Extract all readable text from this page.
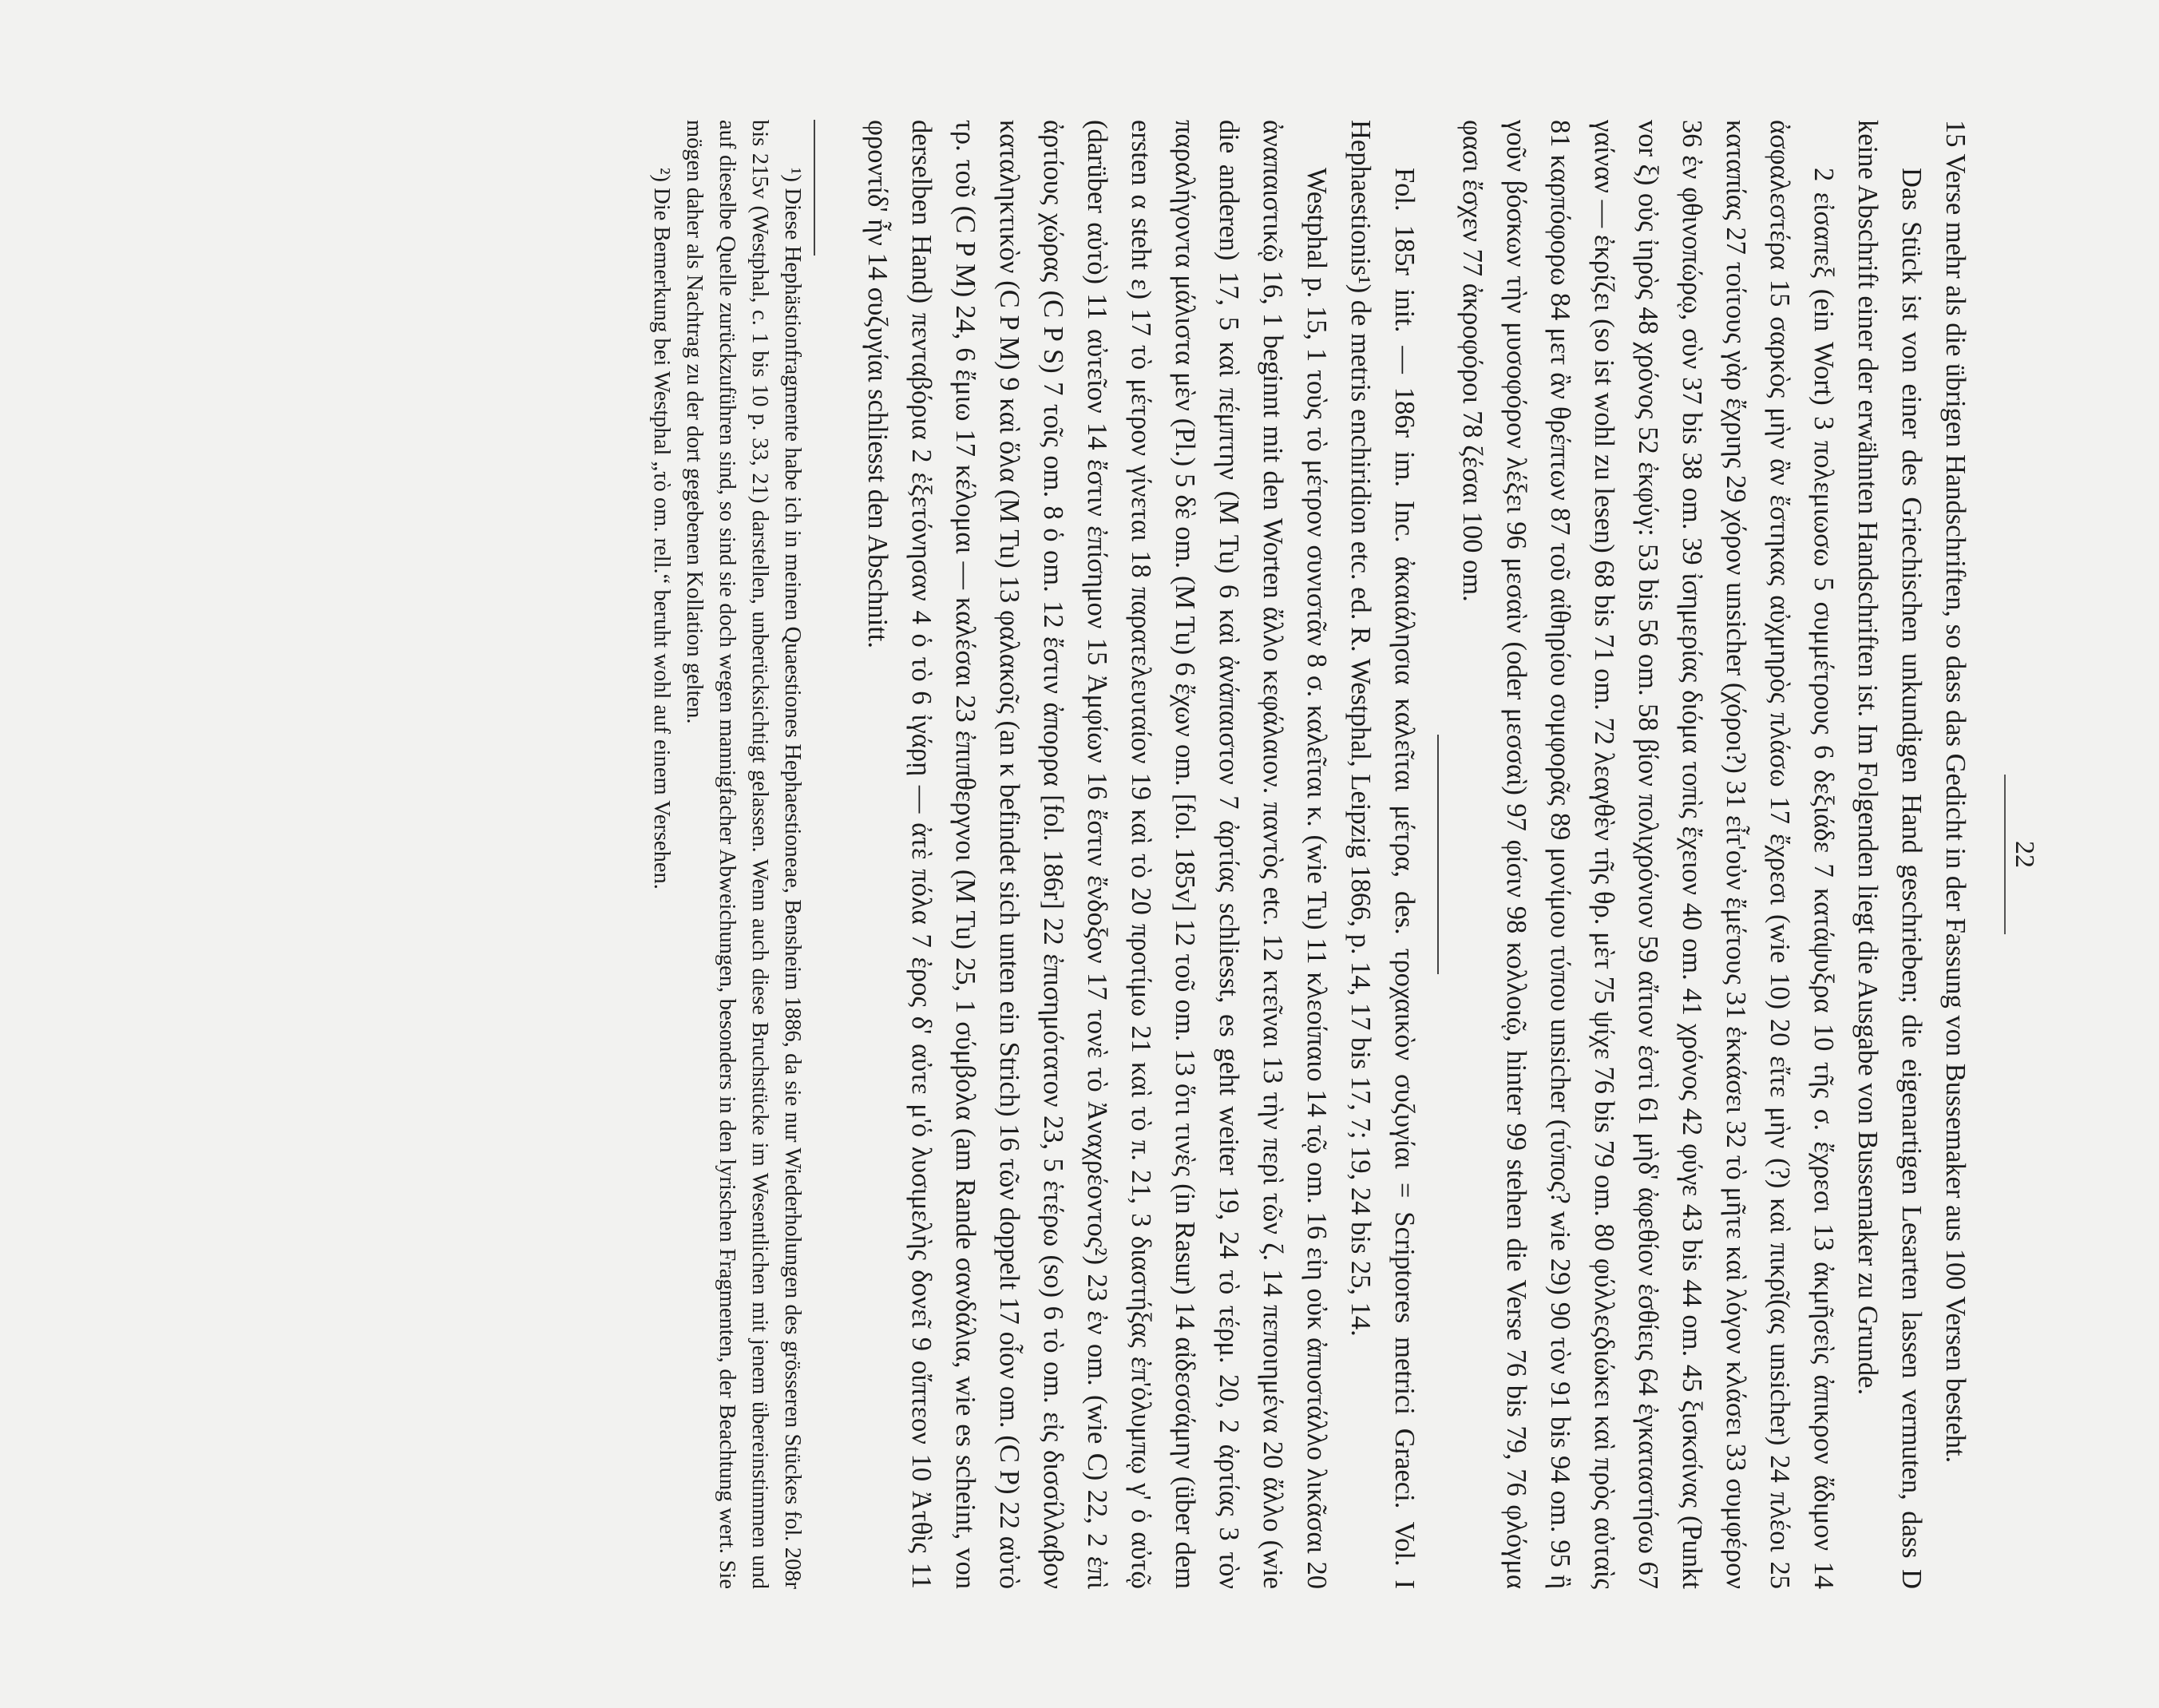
22

15 Verse mehr als die übrigen Handschriften, so dass das Gedicht in der Fassung von Bussemaker aus 100 Versen besteht.

Das Stück ist von einer des Griechischen unkundigen Hand geschrieben; die eigenartigen Lesarten lassen vermuten, dass D keine Abschrift einer der erwähnten Handschriften ist. Im Folgenden liegt die Ausgabe von Bussemaker zu Grunde.

2 εἰσαπεξ (ein Wort) 3 πολεμιωσω 5 συμμέτρους 6 δεξιάδε 7 κατάψυξρα 10 τῆς σ. ἔχρεσι 13 ἀκμῆσεὶς ἀπικρον ἄδιμον 14 ἀσφαλεστέρα 15 σαρκὸς μὴν ἂν ἔστηκας αὐχμηρὸς πλάσω 17 ἔχρεσι (wie 10) 20 εἴτε μὴν (?) καὶ πικρῖ(ας unsicher) 24 πλέοι 25 καταπίας 27 τοίτους γὰρ ἔχριης 29 χόρον unsicher (χόροι?) 31 εἶτ'οὐν ἔμέτους 31 ἐκκάσει 32 τὸ μῆτε καὶ λόγον κλάσει 33 συμφέρον 36 ἐν φθινοπώρῳ, σὺν 37 bis 38 om. 39 ἰσημερίας διόμα τοπὶς ἔχειον 40 om. 41 χρόνος 42 φύγε 43 bis 44 om. 45 ξισκσίνας (Punkt vor ξ) οὐς ἰηρὸς 48 χρόνος 52 ἐκφύγ: 53 bis 56 om. 58 βίον πολιχρόνιον 59 αἴτιον ἐστὶ 61 μὴδ' ἀφεθίον ἐσθίεις 64 ἐγκαταστήσω 67 γαίναν — ἐκρίζει (so ist wohl zu lesen) 68 bis 71 om. 72 λεαγθὲν τῆς θρ. μὲτ 75 ψίχε 76 bis 79 om. 80 φύλλεςδιώκει καὶ πρὸς αὐταὶς 81 καρπόφορω 84 μετ ἂν θρέπτων 87 τοῦ αἰθηρίου συμφορᾶς 89 μονίμου τύπου unsicher (τύπος? wie 29) 90 τὸν 91 bis 94 om. 95 ἢ γοῦν βόσκων τὴν μυσοφόρον λέξει 96 μεσαὶν (oder μεσσαὶ) 97 φίσιν 98 κολλοιῷ, hinter 99 stehen die Verse 76 bis 79, 76 φλόγμα φασι ἔσχεν 77 ἀκροφόροι 78 ζέσαι 100 om.

Fol. 185r init. — 186r im. Inc. ἀκαιάλησια καλεῖται μέτρα, des. τροχαικὸν συζυγίαι = Scriptores metrici Graeci. Vol. I Hephaestionis¹) de metris enchiridion etc. ed. R. Westphal, Leipzig 1866, p. 14, 17 bis 17, 7; 19, 24 bis 25, 14.

Westphal p. 15, 1 τοὺς τὸ μέτρον συνιστᾶν 8 σ. καλεῖται κ. (wie Tu) 11 κλεοίπαιο 14 τῷ om. 16 εἰη οὐκ ἀπυστάλλο λικᾶσαι 20 ἀναπαιστικῷ 16, 1 beginnt mit den Worten ἄλλο κεφάλαιον. παντὸς etc. 12 κτεῖναι 13 τὴν περὶ τῶν ζ. 14 πεποιημένα 20 ἄλλο (wie die anderen) 17, 5 καὶ πέμπτην (M Tu) 6 καὶ ἀνάπαιστον 7 ἀρτίας schliesst, es geht weiter 19, 24 τὸ τέρμ. 20, 2 ἀρτίας 3 τὸν παραλήγοντα μάλιστα μὲν (Pl.) 5 δὲ om. (M Tu) 6 ἔχων om. [fol. 185v] 12 τοῦ om. 13 ὅτι τινὲς (in Rasur) 14 αἰδεσσάμην (über dem ersten α steht ε) 17 τὸ μέτρον γίνεται 18 παρατελευταίον 19 καὶ τὸ 20 προτίμω 21 καὶ τὸ π. 21, 3 διαστήξας ἐπ'ὀλυμπῳ γ' ὁ αὐτῷ (darüber αὐτὸ) 11 αὐτεῖον 14 ἔστιν ἐπίσημον 15 Ἀμφίων 16 ἔστιν ἔνδοξον 17 τονὲ τὸ Ἀναχρέοντος²) 23 ἐν om. (wie C) 22, 2 ἐπὶ ἀρτίους χώρας (C P S) 7 τοῖς om. 8 ὁ om. 12 ἔστιν ἀπορρα [fol. 186r] 22 ἐπισημότατον 23, 5 ἑτέρω (so) 6 τὸ om. εἰς δισσίλλαβον καταληκτικὸν (C P M) 9 καὶ ὅλα (M Tu) 13 φαλακοῖς (an κ befindet sich unten ein Strich) 16 τῶν doppelt 17 οἷον om. (C P) 22 αὐτὸ τρ. τοῦ (C P M) 24, 6 ἔμιω 17 κέλομαι — καλέσαι 23 ἐπιπθεργνοι (M Tu) 25, 1 σύμβολα (am Rande σανδάλια, wie es scheint, von derselben Hand) πενταβόρια 2 ἐξετόνησαν 4 ὁ τὸ 6 ἰγάρῃ — ἀτὲ πόλα 7 ἐρος δ' αὐτε μ'ὁ λυσιμελὴς δονεῖ 9 οἴπτεον 10 Ἀτθὶς 11 φροντίδ' ἦν 14 συζυγίαι schliesst den Abschnitt.

¹) Diese Hephästionfragmente habe ich in meinen Quaestiones Hephaestioneae, Bensheim 1886, da sie nur Wiederholungen des grösseren Stückes fol. 208r bis 215v (Westphal, c. 1 bis 10 p. 33, 21) darstellen, unberücksichtigt gelassen. Wenn auch diese Bruchstücke im Wesentlichen mit jenem übereinstimmen und auf dieselbe Quelle zurückzuführen sind, so sind sie doch wegen mannigfacher Abweichungen, besonders in den lyrischen Fragmenten, der Beachtung wert. Sie mögen daher als Nachtrag zu der dort gegebenen Kollation gelten.

²) Die Bemerkung bei Westphal „τὸ om. rell.“ beruht wohl auf einem Versehen.
